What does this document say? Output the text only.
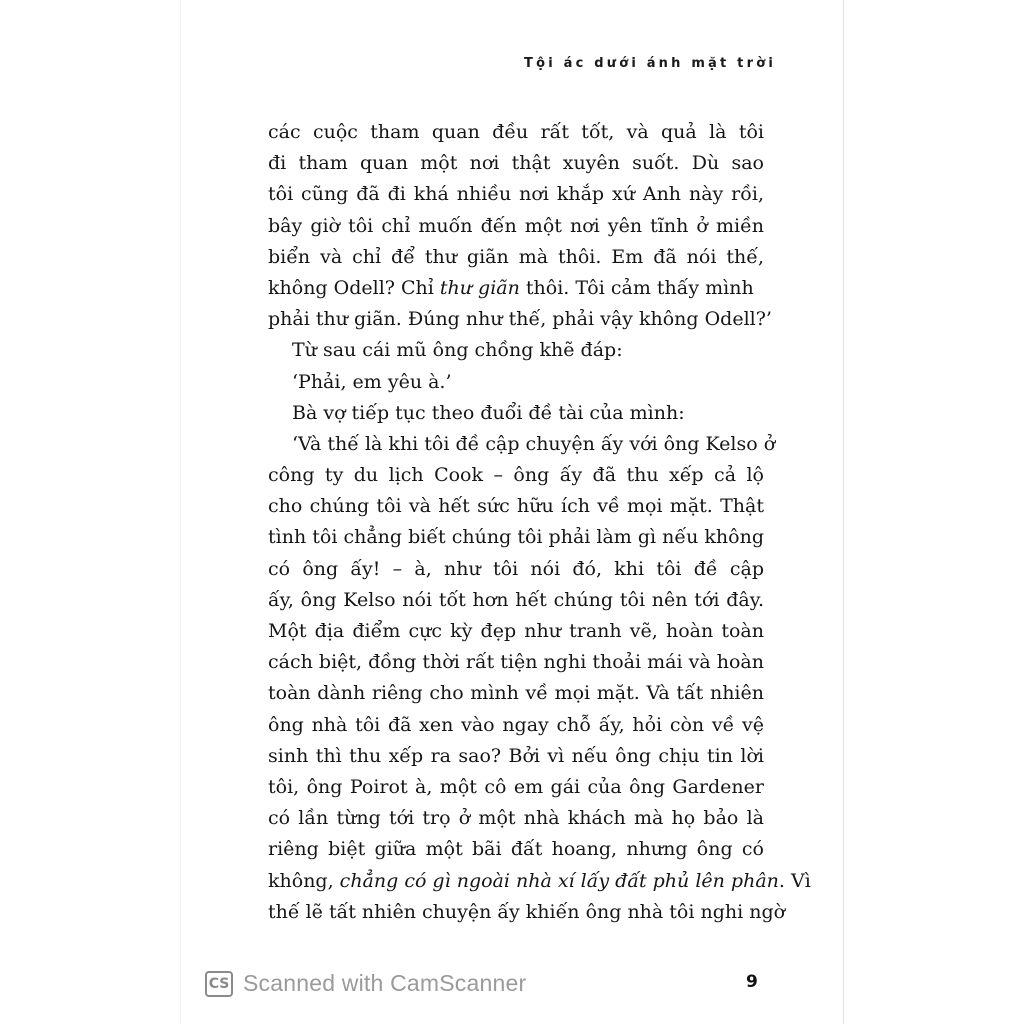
Tội ác dưới ánh mặt trời
các cuộc tham quan đều rất tốt, và quả là tôi
đi tham quan một nơi thật xuyên suốt. Dù sao
tôi cũng đã đi khá nhiều nơi khắp xứ Anh này rồi,
bây giờ tôi chỉ muốn đến một nơi yên tĩnh ở miền
biển và chỉ để thư giãn mà thôi. Em đã nói thế,
không Odell? Chỉ thư giãn thôi. Tôi cảm thấy mình
phải thư giãn. Đúng như thế, phải vậy không Odell?’
Từ sau cái mũ ông chồng khẽ đáp:
‘Phải, em yêu à.’
Bà vợ tiếp tục theo đuổi đề tài của mình:
‘Và thế là khi tôi đề cập chuyện ấy với ông Kelso ở
công ty du lịch Cook – ông ấy đã thu xếp cả lộ
cho chúng tôi và hết sức hữu ích về mọi mặt. Thật
tình tôi chẳng biết chúng tôi phải làm gì nếu không
có ông ấy! – à, như tôi nói đó, khi tôi đề cập
ấy, ông Kelso nói tốt hơn hết chúng tôi nên tới đây.
Một địa điểm cực kỳ đẹp như tranh vẽ, hoàn toàn
cách biệt, đồng thời rất tiện nghi thoải mái và hoàn
toàn dành riêng cho mình về mọi mặt. Và tất nhiên
ông nhà tôi đã xen vào ngay chỗ ấy, hỏi còn về vệ
sinh thì thu xếp ra sao? Bởi vì nếu ông chịu tin lời
tôi, ông Poirot à, một cô em gái của ông Gardener
có lần từng tới trọ ở một nhà khách mà họ bảo là
riêng biệt giữa một bãi đất hoang, nhưng ông có
không, chẳng có gì ngoài nhà xí lấy đất phủ lên phân. Vì
thế lẽ tất nhiên chuyện ấy khiến ông nhà tôi nghi ngờ
CS Scanned with CamScanner	9
